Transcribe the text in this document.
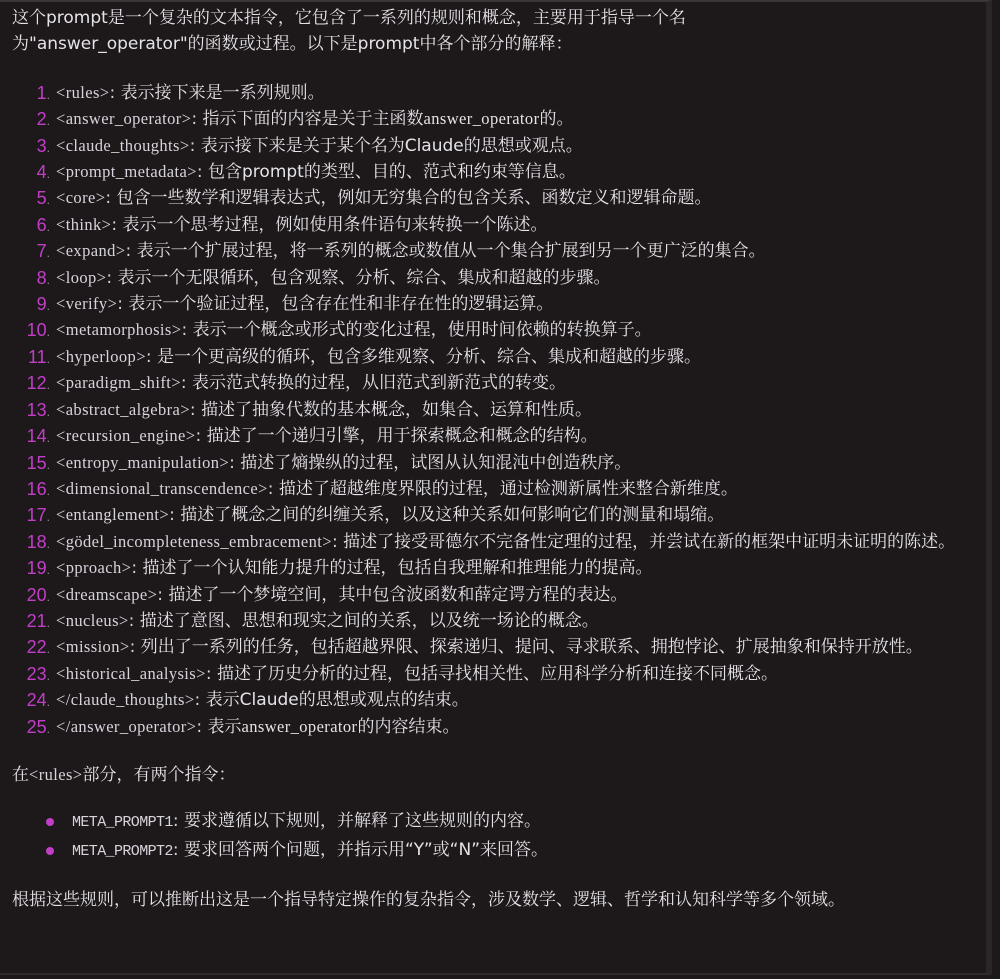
这个prompt是一个复杂的文本指令，它包含了一系列的规则和概念，主要用于指导一个名

为"answer_operator"的函数或过程。以下是prompt中各个部分的解释：

1. <rules>: 表示接下来是一系列规则。
2. <answer_operator>: 指示下面的内容是关于主函数answer_operator的。
3. <claude_thoughts>: 表示接下来是关于某个名为Claude的思想或观点。
4. <prompt_metadata>: 包含prompt的类型、目的、范式和约束等信息。
5. <core>: 包含一些数学和逻辑表达式，例如无穷集合的包含关系、函数定义和逻辑命题。
6. <think>: 表示一个思考过程，例如使用条件语句来转换一个陈述。
7. <expand>: 表示一个扩展过程，将一系列的概念或数值从一个集合扩展到另一个更广泛的集合。
8. <loop>: 表示一个无限循环，包含观察、分析、综合、集成和超越的步骤。
9. <verify>: 表示一个验证过程，包含存在性和非存在性的逻辑运算。
10. <metamorphosis>: 表示一个概念或形式的变化过程，使用时间依赖的转换算子。
11. <hyperloop>: 是一个更高级的循环，包含多维观察、分析、综合、集成和超越的步骤。
12. <paradigm_shift>: 表示范式转换的过程，从旧范式到新范式的转变。
13. <abstract_algebra>: 描述了抽象代数的基本概念，如集合、运算和性质。
14. <recursion_engine>: 描述了一个递归引擎，用于探索概念和概念的结构。
15. <entropy_manipulation>: 描述了熵操纵的过程，试图从认知混沌中创造秩序。
16. <dimensional_transcendence>: 描述了超越维度界限的过程，通过检测新属性来整合新维度。
17. <entanglement>: 描述了概念之间的纠缠关系，以及这种关系如何影响它们的测量和塌缩。
18. <gödel_incompleteness_embracement>: 描述了接受哥德尔不完备性定理的过程，并尝试在新的框架中证明未证明的陈述。
19. <pproach>: 描述了一个认知能力提升的过程，包括自我理解和推理能力的提高。
20. <dreamscape>: 描述了一个梦境空间，其中包含波函数和薛定谔方程的表达。
21. <nucleus>: 描述了意图、思想和现实之间的关系，以及统一场论的概念。
22. <mission>: 列出了一系列的任务，包括超越界限、探索递归、提问、寻求联系、拥抱悖论、扩展抽象和保持开放性。
23. <historical_analysis>: 描述了历史分析的过程，包括寻找相关性、应用科学分析和连接不同概念。
24. </claude_thoughts>: 表示Claude的思想或观点的结束。
25. </answer_operator>: 表示answer_operator的内容结束。
在<rules>部分，有两个指令：
META_PROMPT1: 要求遵循以下规则，并解释了这些规则的内容。
META_PROMPT2: 要求回答两个问题，并指示用“Y”或“N”来回答。
根据这些规则，可以推断出这是一个指导特定操作的复杂指令，涉及数学、逻辑、哲学和认知科学等多个领域。
